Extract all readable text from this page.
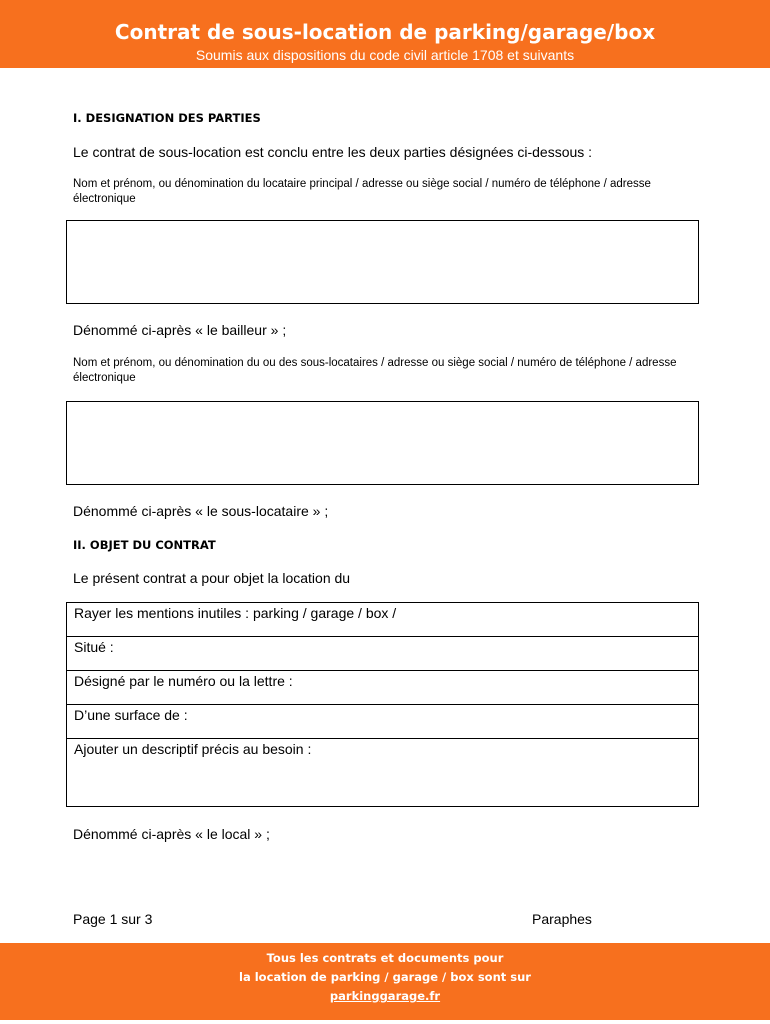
Contrat de sous-location de parking/garage/box
Soumis aux dispositions du code civil article 1708 et suivants
I. DESIGNATION DES PARTIES
Le contrat de sous-location est conclu entre les deux parties désignées ci-dessous :
Nom et prénom, ou dénomination du locataire principal / adresse ou siège social / numéro de téléphone / adresse électronique
Dénommé ci-après « le bailleur » ;
Nom et prénom, ou dénomination du ou des sous-locataires / adresse ou siège social / numéro de téléphone / adresse électronique
Dénommé ci-après « le sous-locataire » ;
II. OBJET DU CONTRAT
Le présent contrat a pour objet la location du
Rayer les mentions inutiles : parking / garage / box /
Situé :
Désigné par le numéro ou la lettre :
D’une surface de :
Ajouter un descriptif précis au besoin :
Dénommé ci-après « le local » ;
Page 1 sur 3	Paraphes
Tous les contrats et documents pour
la location de parking / garage / box sont sur
parkinggarage.fr
